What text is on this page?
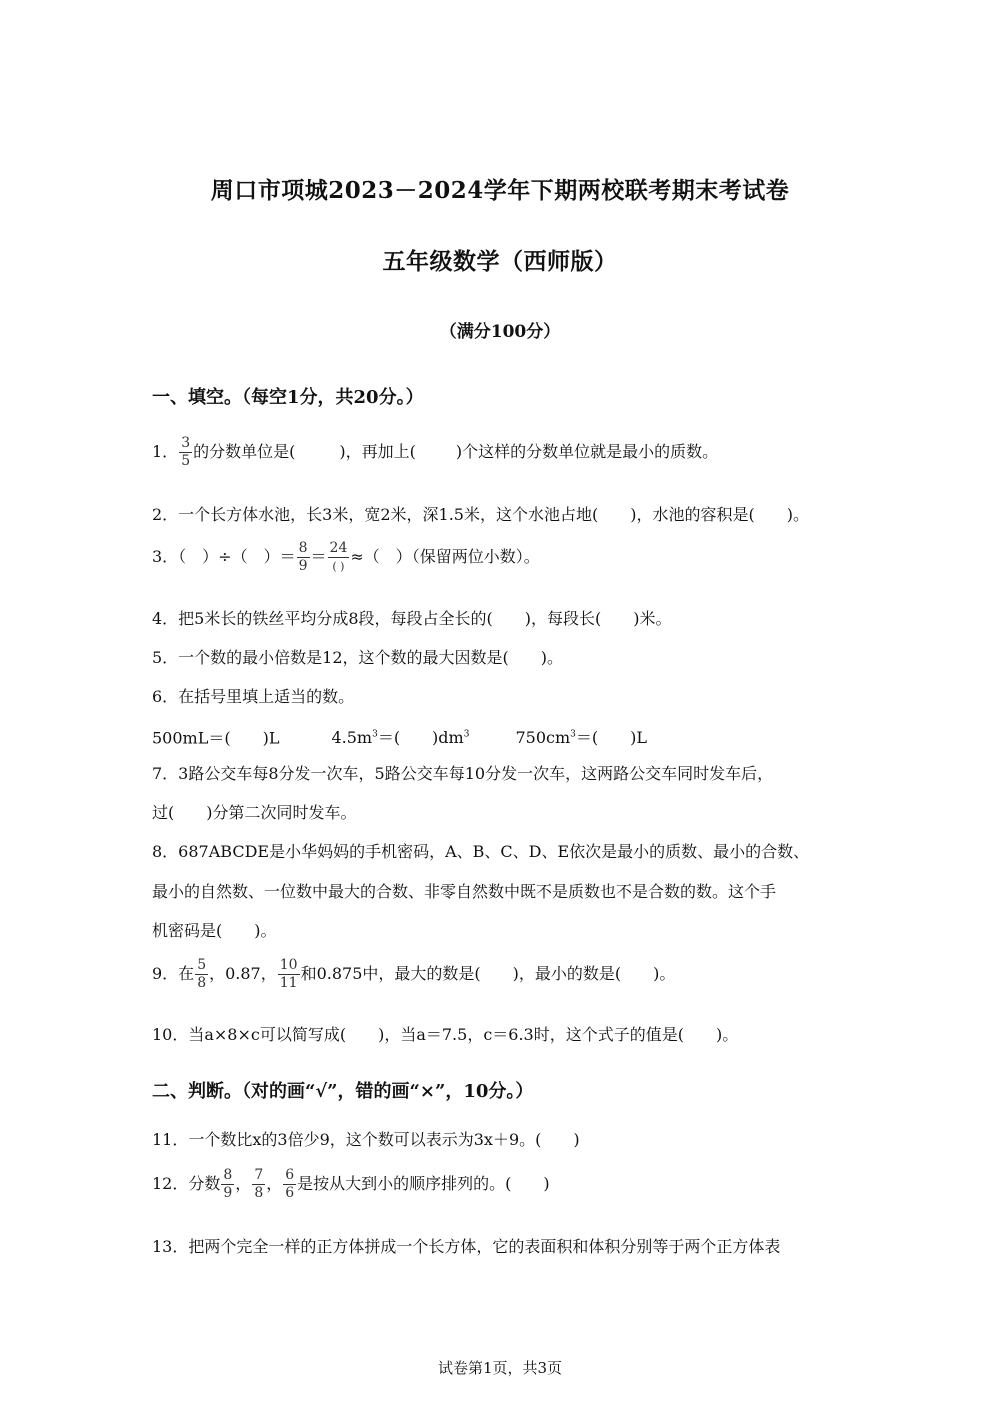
周口市项城2023－2024学年下期两校联考期末考试卷
五年级数学（西师版）
（满分100分）
一、填空。（每空1分，共20分。）
1． $\frac{3}{5}$ 的分数单位是(	)，再加上(	)个这样的分数单位就是最小的质数。
2．一个长方体水池，长3米，宽2米，深1.5米，这个水池占地(　　)，水池的容积是(　　)。
3．（　）÷（　）＝ $\frac{8}{9} = \frac{24}{( )}$ ≈（　）（保留两位小数）。
4．把5米长的铁丝平均分成8段，每段占全长的(　　)，每段长(　　)米。
5．一个数的最小倍数是12，这个数的最大因数是(　　)。
6．在括号里填上适当的数。
500mL＝(　　)L	$4.5m^3=$(　　)$dm^3$	$750cm^3=$(　　)L
7．3路公交车每8分发一次车，5路公交车每10分发一次车，这两路公交车同时发车后，
过(　　)分第二次同时发车。
8．687ABCDE是小华妈妈的手机密码，A、B、C、D、E依次是最小的质数、最小的合数、
最小的自然数、一位数中最大的合数、非零自然数中既不是质数也不是合数的数。这个手
机密码是(　　)。
9．在 $\frac{5}{8}$ ，0.87， $\frac{10}{11}$ 和0.875中，最大的数是(　　)，最小的数是(　　)。
10．当a×8×c可以简写成(　　)，当a＝7.5，c＝6.3时，这个式子的值是(　　)。
二、判断。（对的画“√”，错的画“×”，10分。）
11．一个数比x的3倍少9，这个数可以表示为3x＋9。(　　)
12．分数 $\frac{8}{9}$ ， $\frac{7}{8}$ ， $\frac{6}{6}$ 是按从大到小的顺序排列的。(　　)
13．把两个完全一样的正方体拼成一个长方体，它的表面积和体积分别等于两个正方体表
试卷第1页，共3页
